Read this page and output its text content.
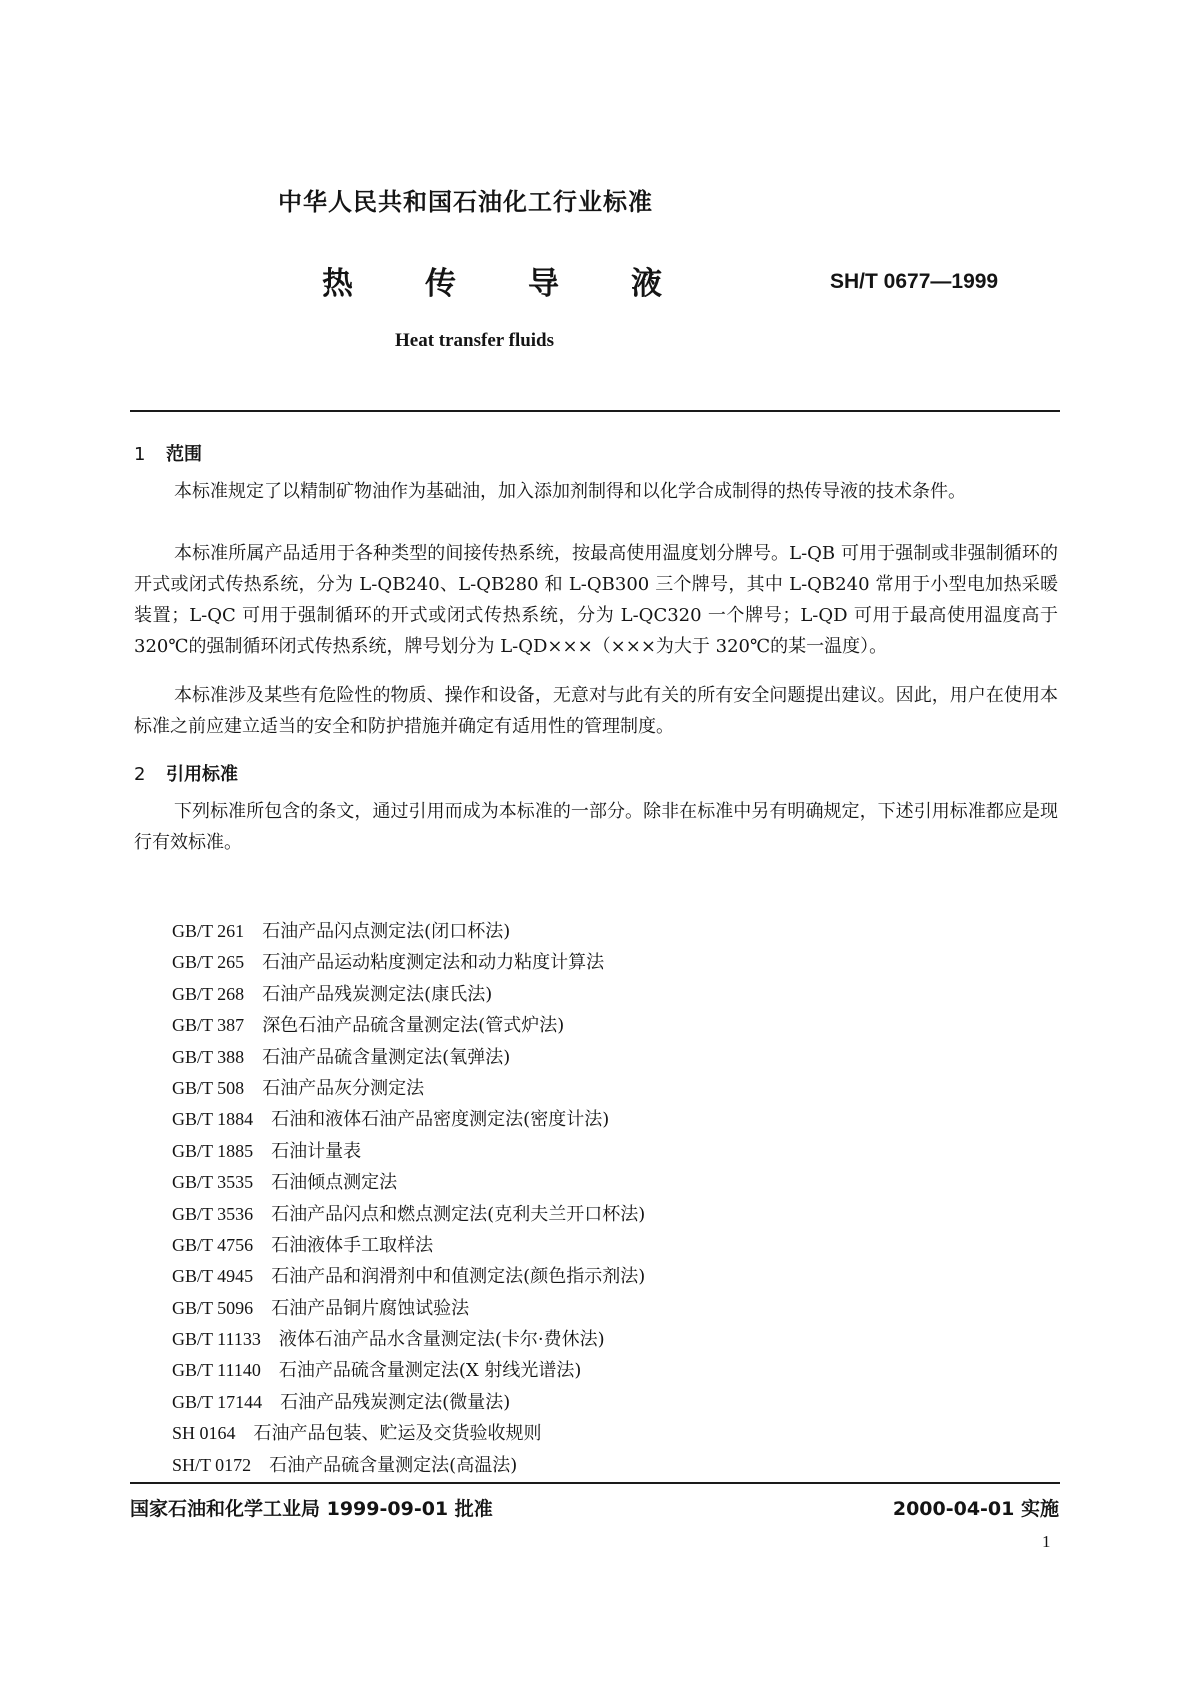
中华人民共和国石油化工行业标准
热 传 导 液	SH/T 0677—1999
Heat transfer fluids
1 范围
本标准规定了以精制矿物油作为基础油，加入添加剂制得和以化学合成制得的热传导液的技术条件。
本标准所属产品适用于各种类型的间接传热系统，按最高使用温度划分牌号。L-QB 可用于强制或非强制循环的开式或闭式传热系统，分为 L-QB240、L-QB280 和 L-QB300 三个牌号，其中 L-QB240 常用于小型电加热采暖装置；L-QC 可用于强制循环的开式或闭式传热系统，分为 L-QC320 一个牌号；L-QD 可用于最高使用温度高于 320℃的强制循环闭式传热系统，牌号划分为 L-QD×××（×××为大于 320℃的某一温度）。
本标准涉及某些有危险性的物质、操作和设备，无意对与此有关的所有安全问题提出建议。因此，用户在使用本标准之前应建立适当的安全和防护措施并确定有适用性的管理制度。
2 引用标准
下列标准所包含的条文，通过引用而成为本标准的一部分。除非在标准中另有明确规定，下述引用标准都应是现行有效标准。
GB/T 261 石油产品闪点测定法(闭口杯法)
GB/T 265 石油产品运动粘度测定法和动力粘度计算法
GB/T 268 石油产品残炭测定法(康氏法)
GB/T 387 深色石油产品硫含量测定法(管式炉法)
GB/T 388 石油产品硫含量测定法(氧弹法)
GB/T 508 石油产品灰分测定法
GB/T 1884 石油和液体石油产品密度测定法(密度计法)
GB/T 1885 石油计量表
GB/T 3535 石油倾点测定法
GB/T 3536 石油产品闪点和燃点测定法(克利夫兰开口杯法)
GB/T 4756 石油液体手工取样法
GB/T 4945 石油产品和润滑剂中和值测定法(颜色指示剂法)
GB/T 5096 石油产品铜片腐蚀试验法
GB/T 11133 液体石油产品水含量测定法(卡尔·费休法)
GB/T 11140 石油产品硫含量测定法(X 射线光谱法)
GB/T 17144 石油产品残炭测定法(微量法)
SH 0164 石油产品包装、贮运及交货验收规则
SH/T 0172 石油产品硫含量测定法(高温法)
国家石油和化学工业局 1999-09-01 批准	2000-04-01 实施
1
